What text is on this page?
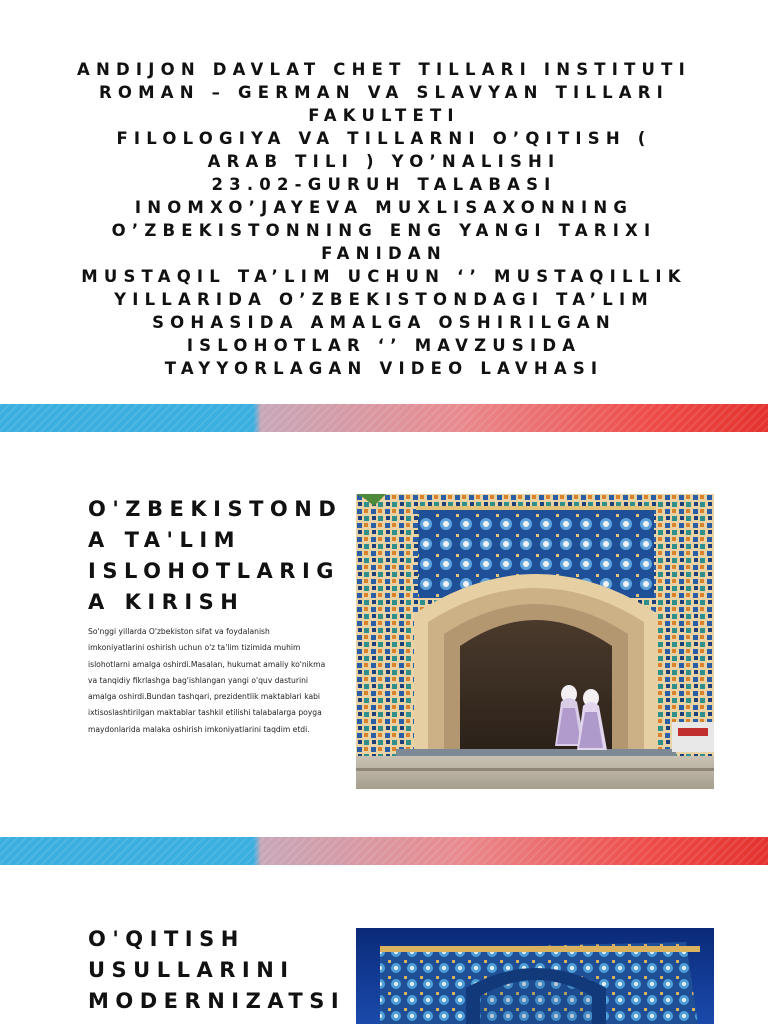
ANDIJON DAVLAT CHET TILLARI INSTITUTI
ROMAN – GERMAN VA SLAVYAN TILLARI
FAKULTETI
FILOLOGIYA VA TILLARNI O’QITISH (
ARAB TILI ) YO’NALISHI
23.02-GURUH TALABASI
INOMXO’JAYEVA MUXLISAXONNING
O’ZBEKISTONNING ENG YANGI TARIXI
FANIDAN
MUSTAQIL TA’LIM UCHUN ‘’ MUSTAQILLIK
YILLARIDA O’ZBEKISTONDAGI TA’LIM
SOHASIDA AMALGA OSHIRILGAN
ISLOHOTLAR ‘’ MAVZUSIDA
TAYYORLAGAN VIDEO LAVHASI
O'ZBEKISTOND
A TA'LIM
ISLOHOTLARIG
A KIRISH
So'nggi yillarda O'zbekiston sifat va foydalanish imkoniyatlarini oshirish uchun o'z ta'lim tizimida muhim islohotlarni amalga oshirdi.Masalan, hukumat amaliy ko'nikma va tanqidiy fikrlashga bag'ishlangan yangi o'quv dasturini amalga oshirdi.Bundan tashqari, prezidentlik maktablari kabi ixtisoslashtirilgan maktablar tashkil etilishi talabalarga poyga maydonlarida malaka oshirish imkoniyatlarini taqdim etdi.
O'QITISH
USULLARINI
MODERNIZATSI
